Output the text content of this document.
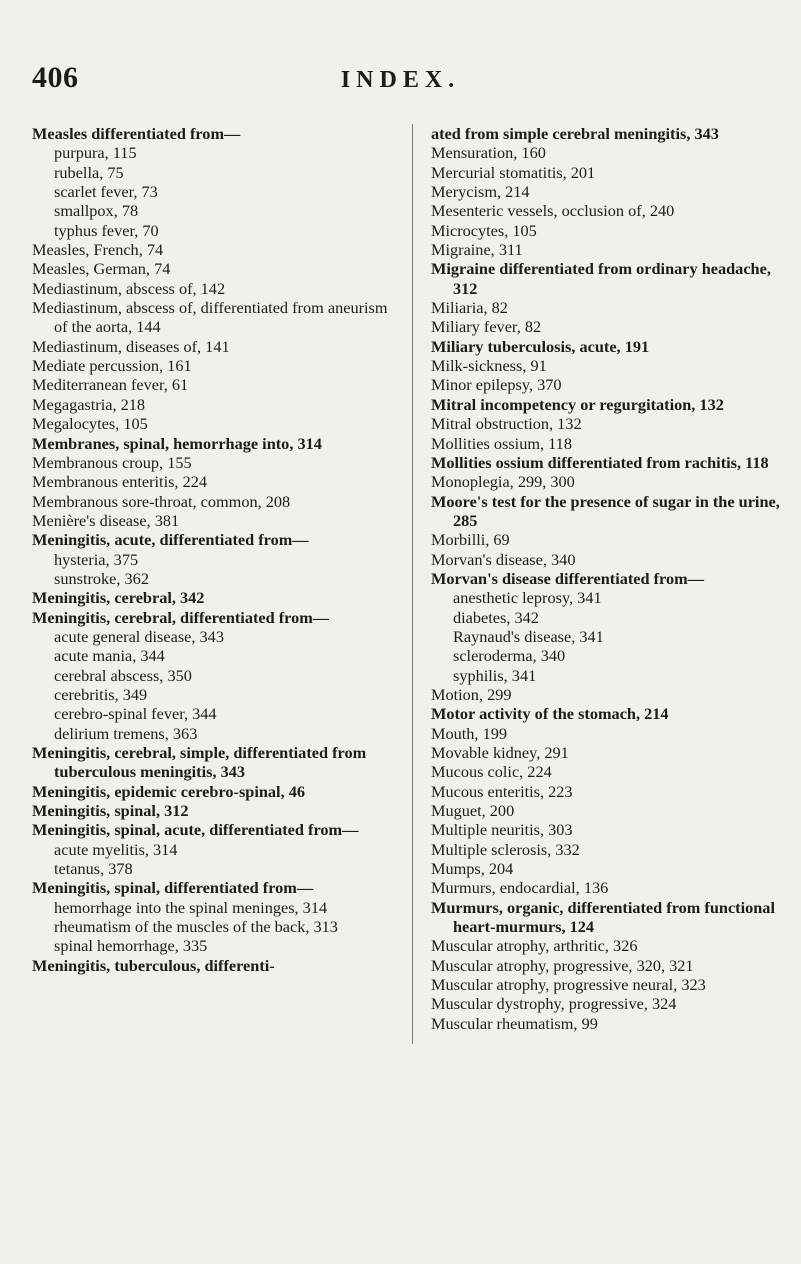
406	INDEX.
Measles differentiated from—
purpura, 115
rubella, 75
scarlet fever, 73
smallpox, 78
typhus fever, 70
Measles, French, 74
Measles, German, 74
Mediastinum, abscess of, 142
Mediastinum, abscess of, differentiated from aneurism of the aorta, 144
Mediastinum, diseases of, 141
Mediate percussion, 161
Mediterranean fever, 61
Megagastria, 218
Megalocytes, 105
Membranes, spinal, hemorrhage into, 314
Membranous croup, 155
Membranous enteritis, 224
Membranous sore-throat, common, 208
Menière's disease, 381
Meningitis, acute, differentiated from—
hysteria, 375
sunstroke, 362
Meningitis, cerebral, 342
Meningitis, cerebral, differentiated from—
acute general disease, 343
acute mania, 344
cerebral abscess, 350
cerebritis, 349
cerebro-spinal fever, 344
delirium tremens, 363
Meningitis, cerebral, simple, differentiated from tuberculous meningitis, 343
Meningitis, epidemic cerebro-spinal, 46
Meningitis, spinal, 312
Meningitis, spinal, acute, differentiated from—
acute myelitis, 314
tetanus, 378
Meningitis, spinal, differentiated from—
hemorrhage into the spinal meninges, 314
rheumatism of the muscles of the back, 313
spinal hemorrhage, 335
Meningitis, tuberculous, differenti-
ated from simple cerebral meningitis, 343
Mensuration, 160
Mercurial stomatitis, 201
Merycism, 214
Mesenteric vessels, occlusion of, 240
Microcytes, 105
Migraine, 311
Migraine differentiated from ordinary headache, 312
Miliaria, 82
Miliary fever, 82
Miliary tuberculosis, acute, 191
Milk-sickness, 91
Minor epilepsy, 370
Mitral incompetency or regurgitation, 132
Mitral obstruction, 132
Mollities ossium, 118
Mollities ossium differentiated from rachitis, 118
Monoplegia, 299, 300
Moore's test for the presence of sugar in the urine, 285
Morbilli, 69
Morvan's disease, 340
Morvan's disease differentiated from—
anesthetic leprosy, 341
diabetes, 342
Raynaud's disease, 341
scleroderma, 340
syphilis, 341
Motion, 299
Motor activity of the stomach, 214
Mouth, 199
Movable kidney, 291
Mucous colic, 224
Mucous enteritis, 223
Muguet, 200
Multiple neuritis, 303
Multiple sclerosis, 332
Mumps, 204
Murmurs, endocardial, 136
Murmurs, organic, differentiated from functional heart-murmurs, 124
Muscular atrophy, arthritic, 326
Muscular atrophy, progressive, 320, 321
Muscular atrophy, progressive neural, 323
Muscular dystrophy, progressive, 324
Muscular rheumatism, 99
